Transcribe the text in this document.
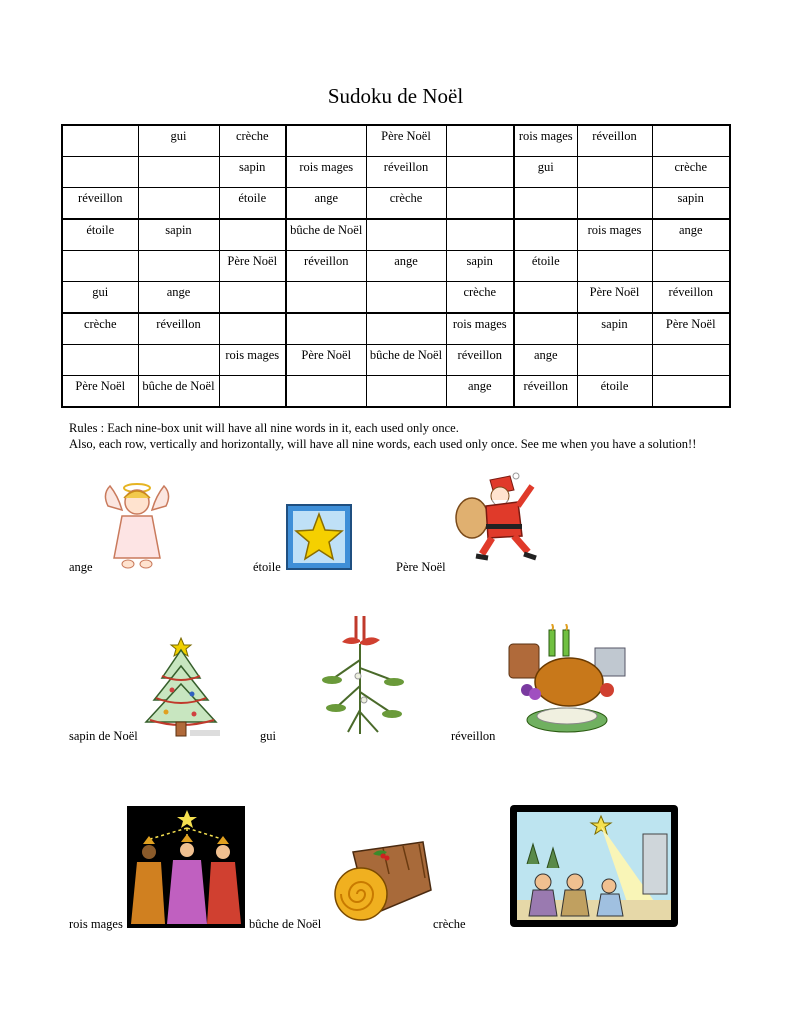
Sudoku de Noël
	gui	crèche		Père Noël		rois mages	réveillon	
		sapin	rois mages	réveillon		gui		crèche
réveillon		étoile	ange	crèche				sapin
étoile	sapin		bûche de Noël				rois mages	ange
		Père Noël	réveillon	ange	sapin	étoile		
gui	ange				crèche		Père Noël	réveillon
crèche	réveillon				rois mages		sapin	Père Noël
		rois mages	Père Noël	bûche de Noël	réveillon	ange		
Père Noël	bûche de Noël				ange	réveillon	étoile	
Rules : Each nine-box unit will have all nine words in it, each used only once.
Also, each row, vertically and horizontally, will have all nine words, each used only once. See me when you have a solution!!
ange	étoile	Père Noël
sapin de Noël	gui	réveillon
rois mages	bûche de Noël	crèche
